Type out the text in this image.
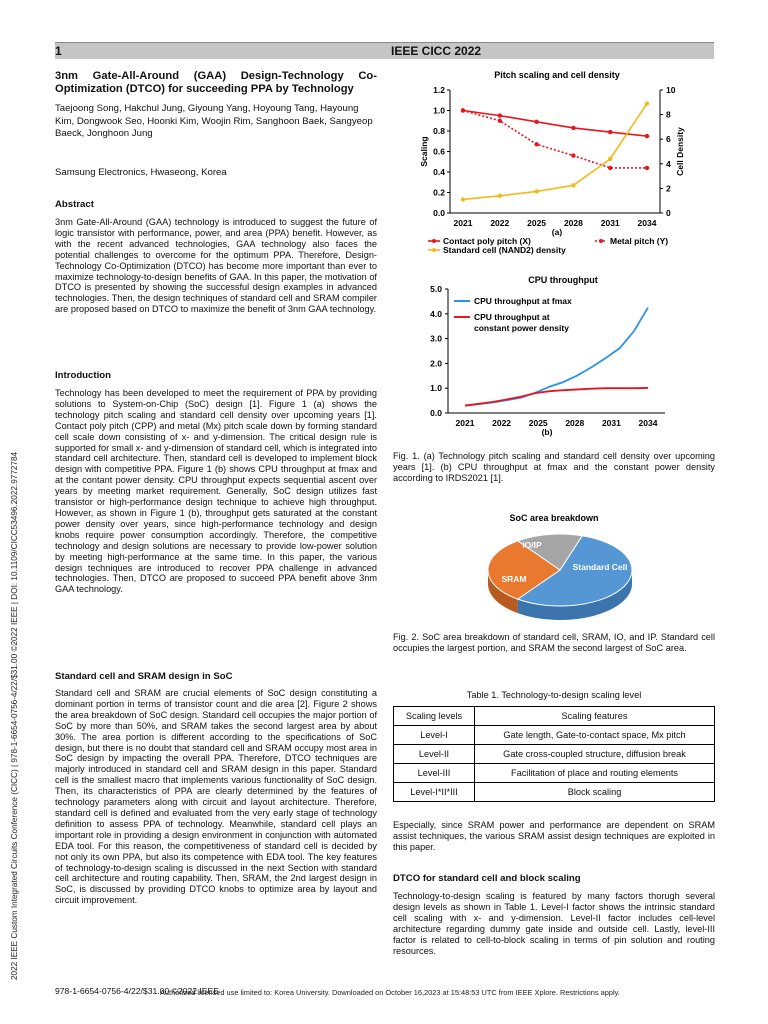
1	IEEE CICC 2022
2022 IEEE Custom Integrated Circuits Conference (CICC) | 978-1-6654-0756-4/22/$31.00 ©2022 IEEE | DOI: 10.1109/CICC53496.2022.9772784
3nm Gate-All-Around (GAA) Design-Technology Co-Optimization (DTCO) for succeeding PPA by Technology
Taejoong Song, Hakchul Jung, Giyoung Yang, Hoyoung Tang, Hayoung Kim, Dongwook Seo, Hoonki Kim, Woojin Rim, Sanghoon Baek, Sangyeop Baeck, Jonghoon Jung
Samsung Electronics, Hwaseong, Korea
Abstract
3nm Gate-All-Around (GAA) technology is introduced to suggest the future of logic transistor with performance, power, and area (PPA) benefit. However, as with the recent advanced technologies, GAA technology also faces the potential challenges to overcome for the optimum PPA. Therefore, Design-Technology Co-Optimization (DTCO) has become more important than ever to maximize technology-to-design benefits of GAA. In this paper, the motivation of DTCO is presented by showing the successful design examples in advanced technologies. Then, the design techniques of standard cell and SRAM compiler are proposed based on DTCO to maximize the benefit of 3nm GAA technology.
Introduction
Technology has been developed to meet the requirement of PPA by providing solutions to System-on-Chip (SoC) design [1]. Figure 1 (a) shows the technology pitch scaling and standard cell density over upcoming years [1]. Contact poly pitch (CPP) and metal (Mx) pitch scale down by forming standard cell scale down consisting of x- and y-dimension. The critical design rule is supported for small x- and y-dimension of standard cell, which is integrated into standard cell architecture. Then, standard cell is developed to implement block design with competitive PPA. Figure 1 (b) shows CPU throughput at fmax and at the contant power density. CPU throughput expects sequential ascent over years by meeting market requirement. Generally, SoC design utilizes fast transistor or high-performance design technique to achieve high throughput. However, as shown in Figure 1 (b), throughput gets saturated at the constant power density over years, since high-performance technology and design knobs require power consumption accordingly. Therefore, the competitive technology and design solutions are necessary to provide low-power solution by meeting high-performance at the same time. In this paper, the various design techniques are introduced to recover PPA challenge in advanced technologies. Then, DTCO are proposed to succeed PPA benefit above 3nm GAA technology.
Standard cell and SRAM design in SoC
Standard cell and SRAM are crucial elements of SoC design constituting a dominant portion in terms of transistor count and die area [2]. Figure 2 shows the area breakdown of SoC design. Standard cell occupies the major portion of SoC by more than 50%, and SRAM takes the second largest area by about 30%. The area portion is different according to the specifications of SoC design, but there is no doubt that standard cell and SRAM occupy most area in SoC design by impacting the overall PPA. Therefore, DTCO techniques are majorly introduced in standard cell and SRAM design in this paper. Standard cell is the smallest macro that implements various functionality of SoC design. Then, its characteristics of PPA are clearly determined by the features of technology parameters along with circuit and layout architecture. Therefore, standard cell is defined and evaluated from the very early stage of technology definition to assess PPA of technology. Meanwhile, standard cell plays an important role in providing a design environment in conjunction with automated EDA tool. For this reason, the competitiveness of standard cell is decided by not only its own PPA, but also its competence with EDA tool. The key features of technology-to-design scaling is discussed in the next Section with standard cell architecture and routing capability. Then, SRAM, the 2nd largest design in SoC, is discussed by providing DTCO knobs to optimize area by layout and circuit improvement.
Pitch scaling and cell density
0.0
0.2
0.4
0.6
0.8
1.0
1.2
0
2
4
6
8
10
2021 2022 2025 2028 2031 2034
Scaling	Cell Density
(a)
Contact poly pitch (X)	Metal pitch (Y)
Standard cell (NAND2) density
CPU throughput
0.0
1.0
2.0
3.0
4.0
5.0
2021 2022 2025 2028 2031 2034
(b)
CPU throughput at fmax
CPU throughput at
constant power density
Fig. 1. (a) Technology pitch scaling and standard cell density over upcoming years [1]. (b) CPU throughput at fmax and the constant power density according to IRDS2021 [1].
SoC area breakdown
Standard Cell
SRAM
IO/IP
Fig. 2. SoC area breakdown of standard cell, SRAM, IO, and IP. Standard cell occupies the largest portion, and SRAM the second largest of SoC area.
Table 1. Technology-to-design scaling level
Scaling levels	Scaling features
Level-I	Gate length, Gate-to-contact space, Mx pitch
Level-II	Gate cross-coupled structure, diffusion break
Level-III	Facilitation of place and routing elements
Level-I*II*III	Block scaling
Especially, since SRAM power and performance are dependent on SRAM assist techniques, the various SRAM assist design techniques are exploited in this paper.
DTCO for standard cell and block scaling
Technology-to-design scaling is featured by many factors thorugh several design levels as shown in Table 1. Level-I factor shows the intrinsic standard cell scaling with x- and y-dimension. Level-II factor includes cell-level architecture regarding dummy gate inside and outside cell. Lastly, level-III factor is related to cell-to-block scaling in terms of pin solution and routing resources.
978-1-6654-0756-4/22/$31.00 ©2022 IEEE
Authorized licensed use limited to: Korea University. Downloaded on October 16,2023 at 15:48:53 UTC from IEEE Xplore. Restrictions apply.
